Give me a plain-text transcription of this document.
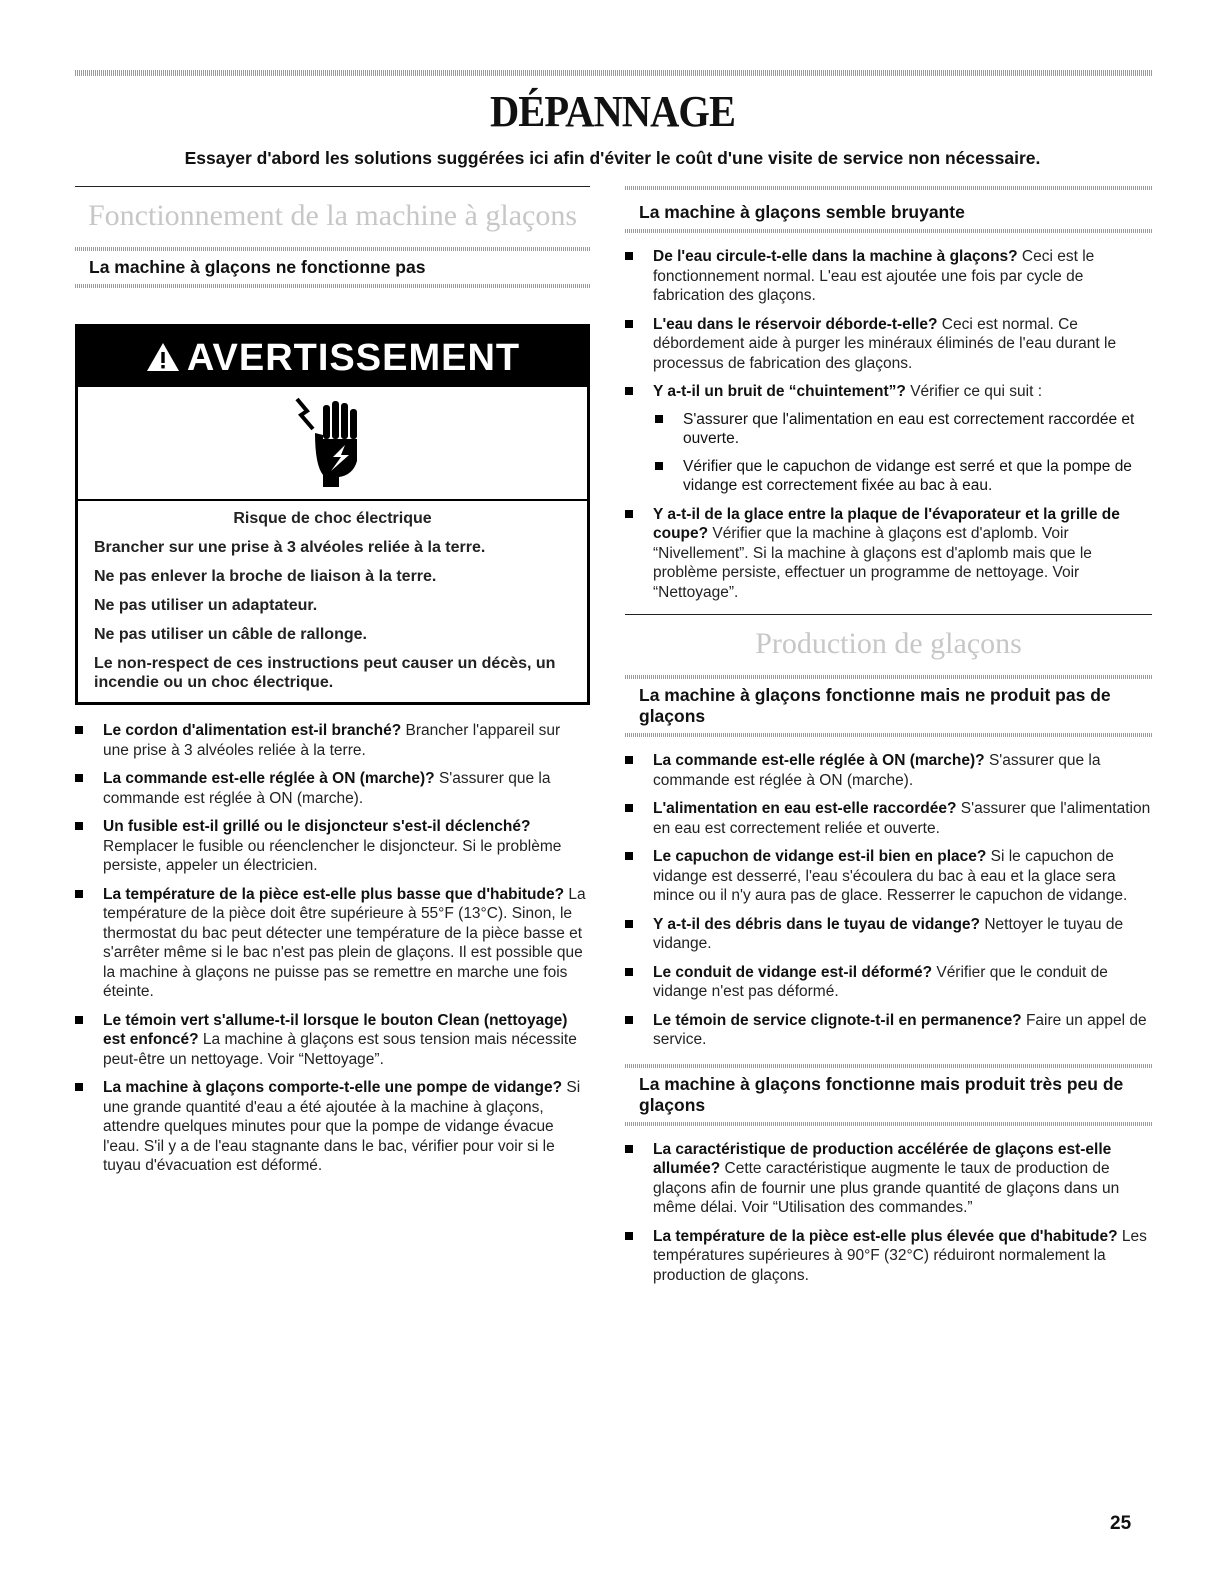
DÉPANNAGE

Essayer d'abord les solutions suggérées ici afin d'éviter le coût d'une visite de service non nécessaire.

Fonctionnement de la machine à glaçons
La machine à glaçons ne fonctionne pas
AVERTISSEMENT

Risque de choc électrique

Brancher sur une prise à 3 alvéoles reliée à la terre.

Ne pas enlever la broche de liaison à la terre.

Ne pas utiliser un adaptateur.

Ne pas utiliser un câble de rallonge.

Le non-respect de ces instructions peut causer un décès, un incendie ou un choc électrique.

Le cordon d'alimentation est-il branché? Brancher l'appareil sur une prise à 3 alvéoles reliée à la terre.
La commande est-elle réglée à ON (marche)? S'assurer que la commande est réglée à ON (marche).
Un fusible est-il grillé ou le disjoncteur s'est-il déclenché? Remplacer le fusible ou réenclencher le disjoncteur. Si le problème persiste, appeler un électricien.
La température de la pièce est-elle plus basse que d'habitude? La température de la pièce doit être supérieure à 55°F (13°C). Sinon, le thermostat du bac peut détecter une température de la pièce basse et s'arrêter même si le bac n'est pas plein de glaçons. Il est possible que la machine à glaçons ne puisse pas se remettre en marche une fois éteinte.
Le témoin vert s'allume-t-il lorsque le bouton Clean (nettoyage) est enfoncé? La machine à glaçons est sous tension mais nécessite peut-être un nettoyage. Voir “Nettoyage”.
La machine à glaçons comporte-t-elle une pompe de vidange? Si une grande quantité d'eau a été ajoutée à la machine à glaçons, attendre quelques minutes pour que la pompe de vidange évacue l'eau. S'il y a de l'eau stagnante dans le bac, vérifier pour voir si le tuyau d'évacuation est déformé.
La machine à glaçons semble bruyante
De l'eau circule-t-elle dans la machine à glaçons? Ceci est le fonctionnement normal. L'eau est ajoutée une fois par cycle de fabrication des glaçons.
L'eau dans le réservoir déborde-t-elle? Ceci est normal. Ce débordement aide à purger les minéraux éliminés de l'eau durant le processus de fabrication des glaçons.
Y a-t-il un bruit de “chuintement”? Vérifier ce qui suit :
S'assurer que l'alimentation en eau est correctement raccordée et ouverte.
Vérifier que le capuchon de vidange est serré et que la pompe de vidange est correctement fixée au bac à eau.
Y a-t-il de la glace entre la plaque de l'évaporateur et la grille de coupe? Vérifier que la machine à glaçons est d'aplomb. Voir “Nivellement”. Si la machine à glaçons est d'aplomb mais que le problème persiste, effectuer un programme de nettoyage. Voir “Nettoyage”.
Production de glaçons
La machine à glaçons fonctionne mais ne produit pas de glaçons
La commande est-elle réglée à ON (marche)? S'assurer que la commande est réglée à ON (marche).
L'alimentation en eau est-elle raccordée? S'assurer que l'alimentation en eau est correctement reliée et ouverte.
Le capuchon de vidange est-il bien en place? Si le capuchon de vidange est desserré, l'eau s'écoulera du bac à eau et la glace sera mince ou il n'y aura pas de glace. Resserrer le capuchon de vidange.
Y a-t-il des débris dans le tuyau de vidange? Nettoyer le tuyau de vidange.
Le conduit de vidange est-il déformé? Vérifier que le conduit de vidange n'est pas déformé.
Le témoin de service clignote-t-il en permanence? Faire un appel de service.
La machine à glaçons fonctionne mais produit très peu de glaçons
La caractéristique de production accélérée de glaçons est-elle allumée? Cette caractéristique augmente le taux de production de glaçons afin de fournir une plus grande quantité de glaçons dans un même délai. Voir “Utilisation des commandes.”
La température de la pièce est-elle plus élevée que d'habitude? Les températures supérieures à 90°F (32°C) réduiront normalement la production de glaçons.
25
